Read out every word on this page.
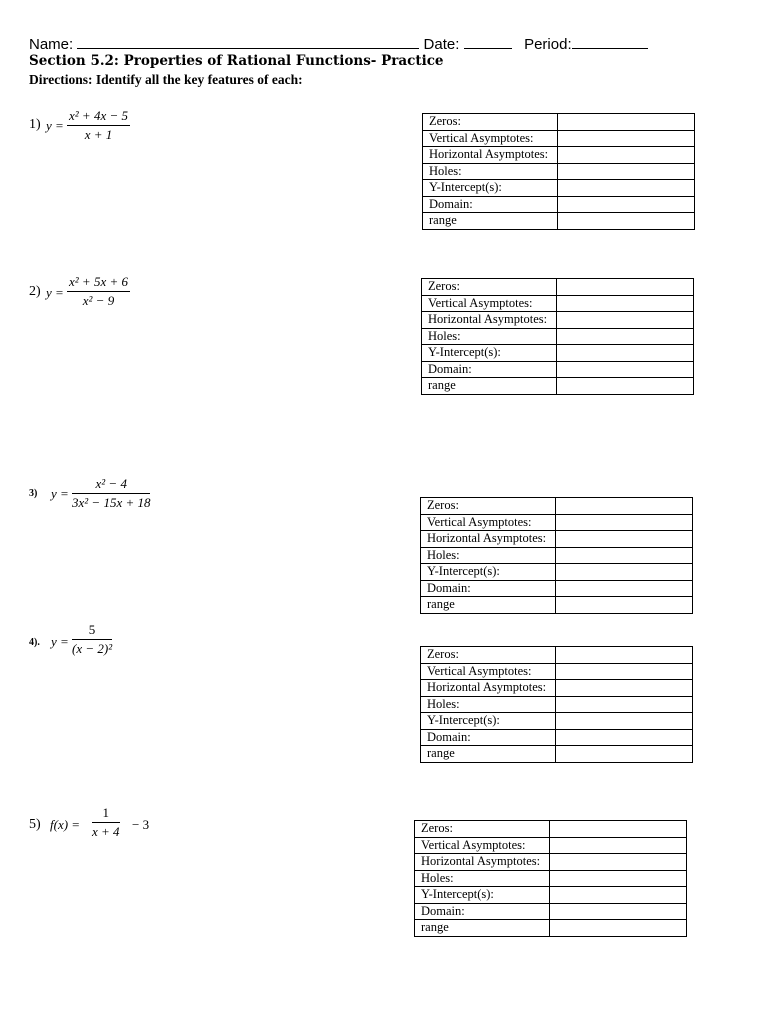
Name:	Date:	Period:
Section 5.2: Properties of Rational Functions- Practice
Directions: Identify all the key features of each:
1) y =
x² + 4x − 5
x + 1
2) y =
x² + 5x + 6
x² − 9
3) y =
x² − 4
3x² − 15x + 18
4). y =
5
(x − 2)²
5) f(x) =
1
x + 4 − 3
Zeros:	
Vertical Asymptotes:	
Horizontal Asymptotes:	
Holes:	
Y-Intercept(s):	
Domain:	
range	
Zeros:	
Vertical Asymptotes:	
Horizontal Asymptotes:	
Holes:	
Y-Intercept(s):	
Domain:	
range	
Zeros:	
Vertical Asymptotes:	
Horizontal Asymptotes:	
Holes:	
Y-Intercept(s):	
Domain:	
range	
Zeros:	
Vertical Asymptotes:	
Horizontal Asymptotes:	
Holes:	
Y-Intercept(s):	
Domain:	
range	
Zeros:	
Vertical Asymptotes:	
Horizontal Asymptotes:	
Holes:	
Y-Intercept(s):	
Domain:	
range	
